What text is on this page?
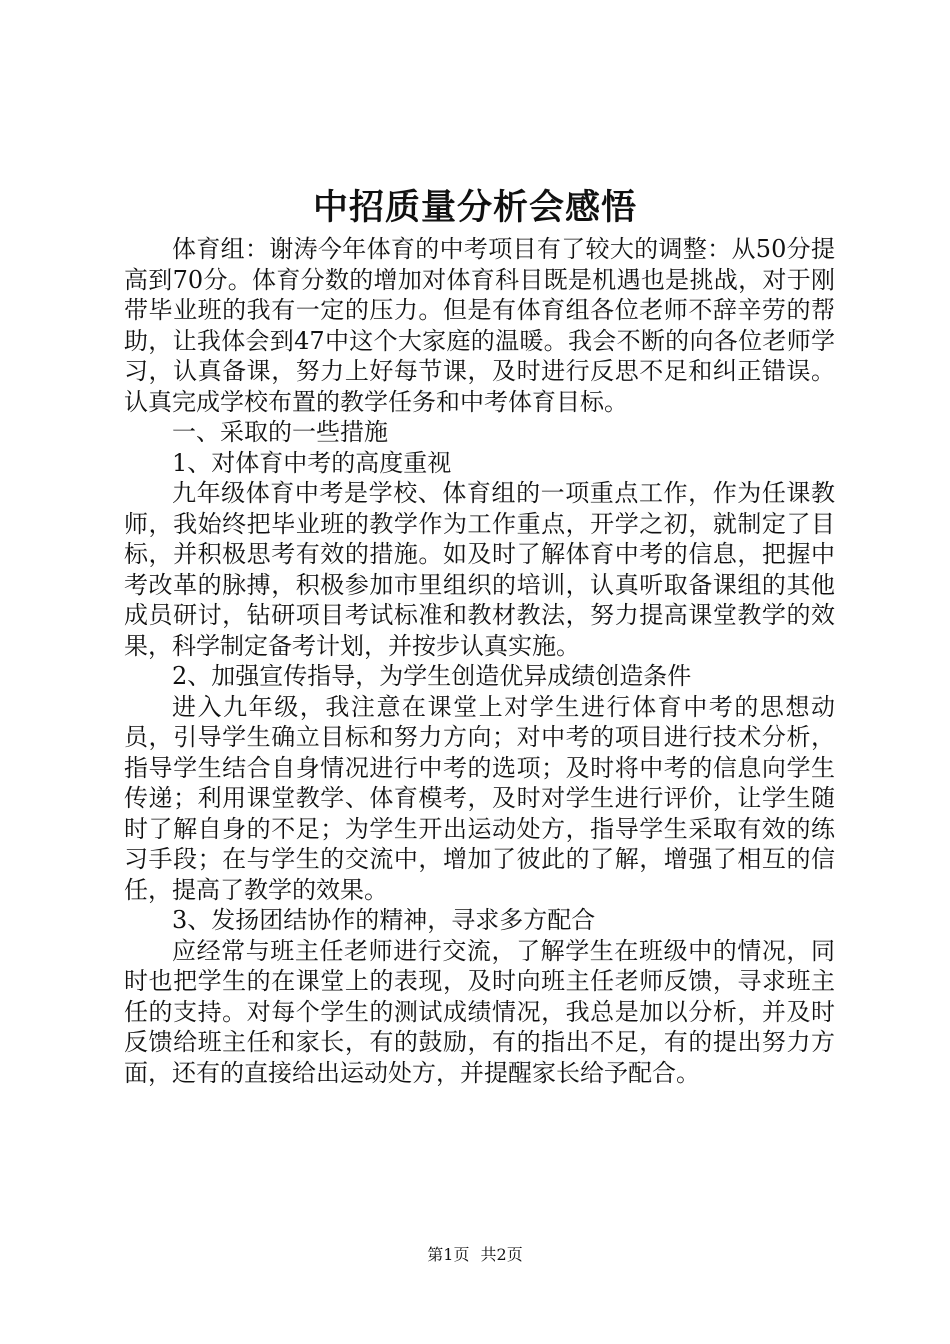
中招质量分析会感悟

体育组：谢涛今年体育的中考项目有了较大的调整：从50分提高到70分。体育分数的增加对体育科目既是机遇也是挑战，对于刚带毕业班的我有一定的压力。但是有体育组各位老师不辞辛劳的帮助，让我体会到47中这个大家庭的温暖。我会不断的向各位老师学习，认真备课，努力上好每节课，及时进行反思不足和纠正错误。认真完成学校布置的教学任务和中考体育目标。

一、采取的一些措施

1、对体育中考的高度重视

九年级体育中考是学校、体育组的一项重点工作，作为任课教师，我始终把毕业班的教学作为工作重点，开学之初，就制定了目标，并积极思考有效的措施。如及时了解体育中考的信息，把握中考改革的脉搏，积极参加市里组织的培训，认真听取备课组的其他成员研讨，钻研项目考试标准和教材教法，努力提高课堂教学的效果，科学制定备考计划，并按步认真实施。

2、加强宣传指导，为学生创造优异成绩创造条件

进入九年级，我注意在课堂上对学生进行体育中考的思想动员，引导学生确立目标和努力方向；对中考的项目进行技术分析，指导学生结合自身情况进行中考的选项；及时将中考的信息向学生传递；利用课堂教学、体育模考，及时对学生进行评价，让学生随时了解自身的不足；为学生开出运动处方，指导学生采取有效的练习手段；在与学生的交流中，增加了彼此的了解，增强了相互的信任，提高了教学的效果。

3、发扬团结协作的精神，寻求多方配合

应经常与班主任老师进行交流，了解学生在班级中的情况，同时也把学生的在课堂上的表现，及时向班主任老师反馈，寻求班主任的支持。对每个学生的测试成绩情况，我总是加以分析，并及时反馈给班主任和家长，有的鼓励，有的指出不足，有的提出努力方面，还有的直接给出运动处方，并提醒家长给予配合。

第1页 共2页
